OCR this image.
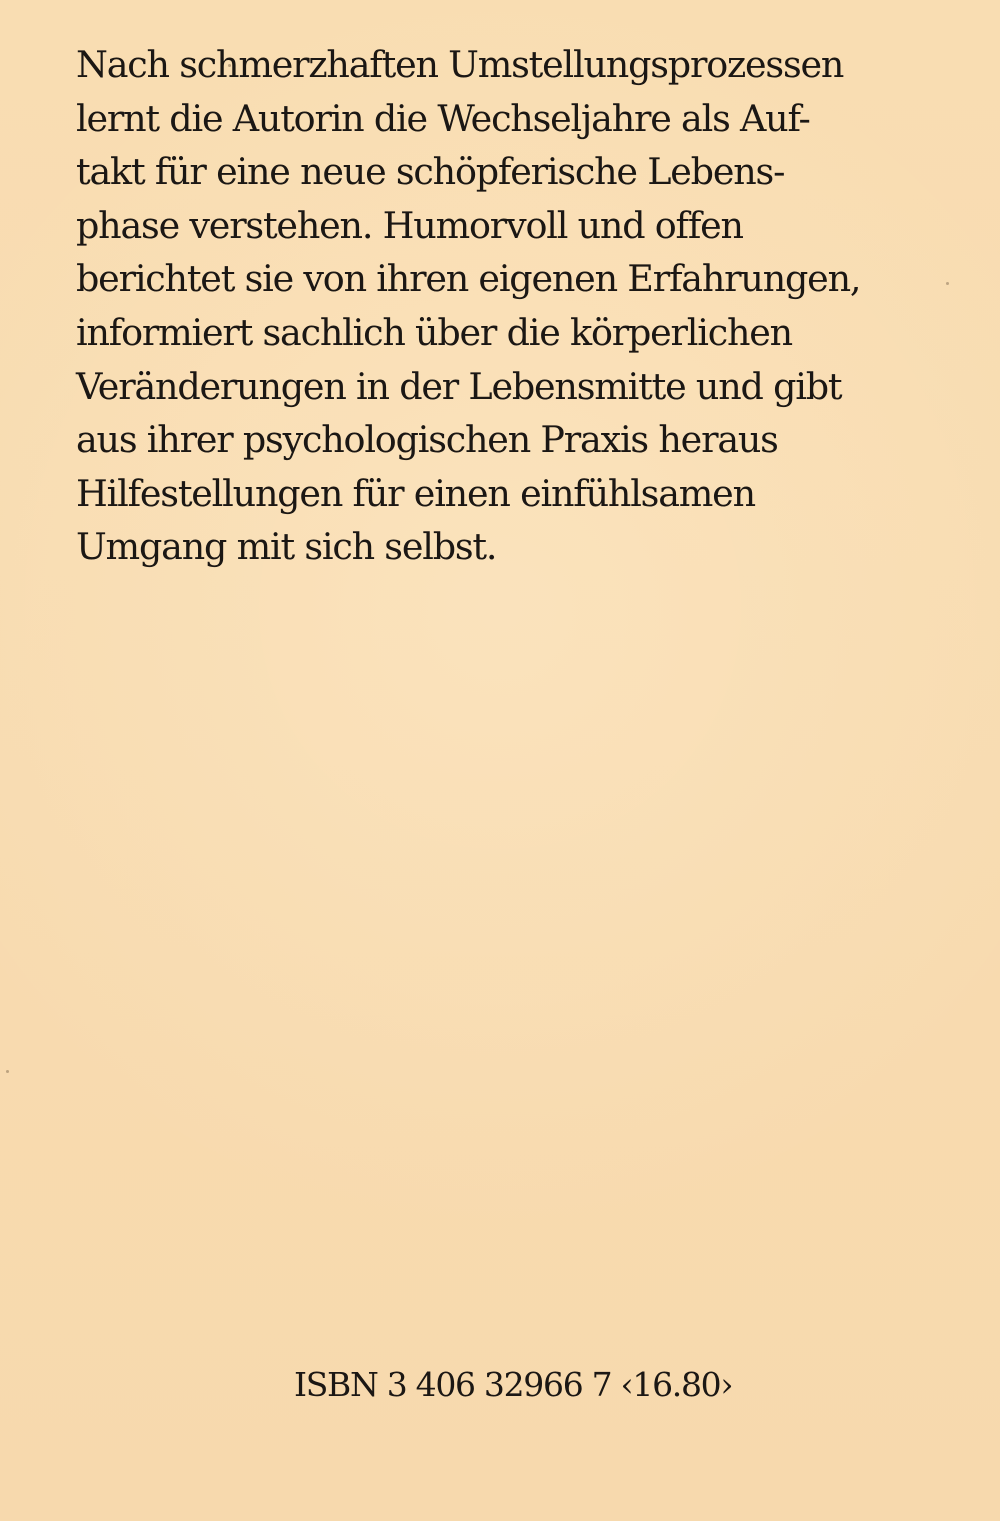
Nach schmerzhaften Umstellungsprozessen
lernt die Autorin die Wechseljahre als Auf-
takt für eine neue schöpferische Lebens-
phase verstehen. Humorvoll und offen
berichtet sie von ihren eigenen Erfahrungen,
informiert sachlich über die körperlichen
Veränderungen in der Lebensmitte und gibt
aus ihrer psychologischen Praxis heraus
Hilfestellungen für einen einfühlsamen
Umgang mit sich selbst.
ISBN 3 406 32966 7 ‹16.80›
